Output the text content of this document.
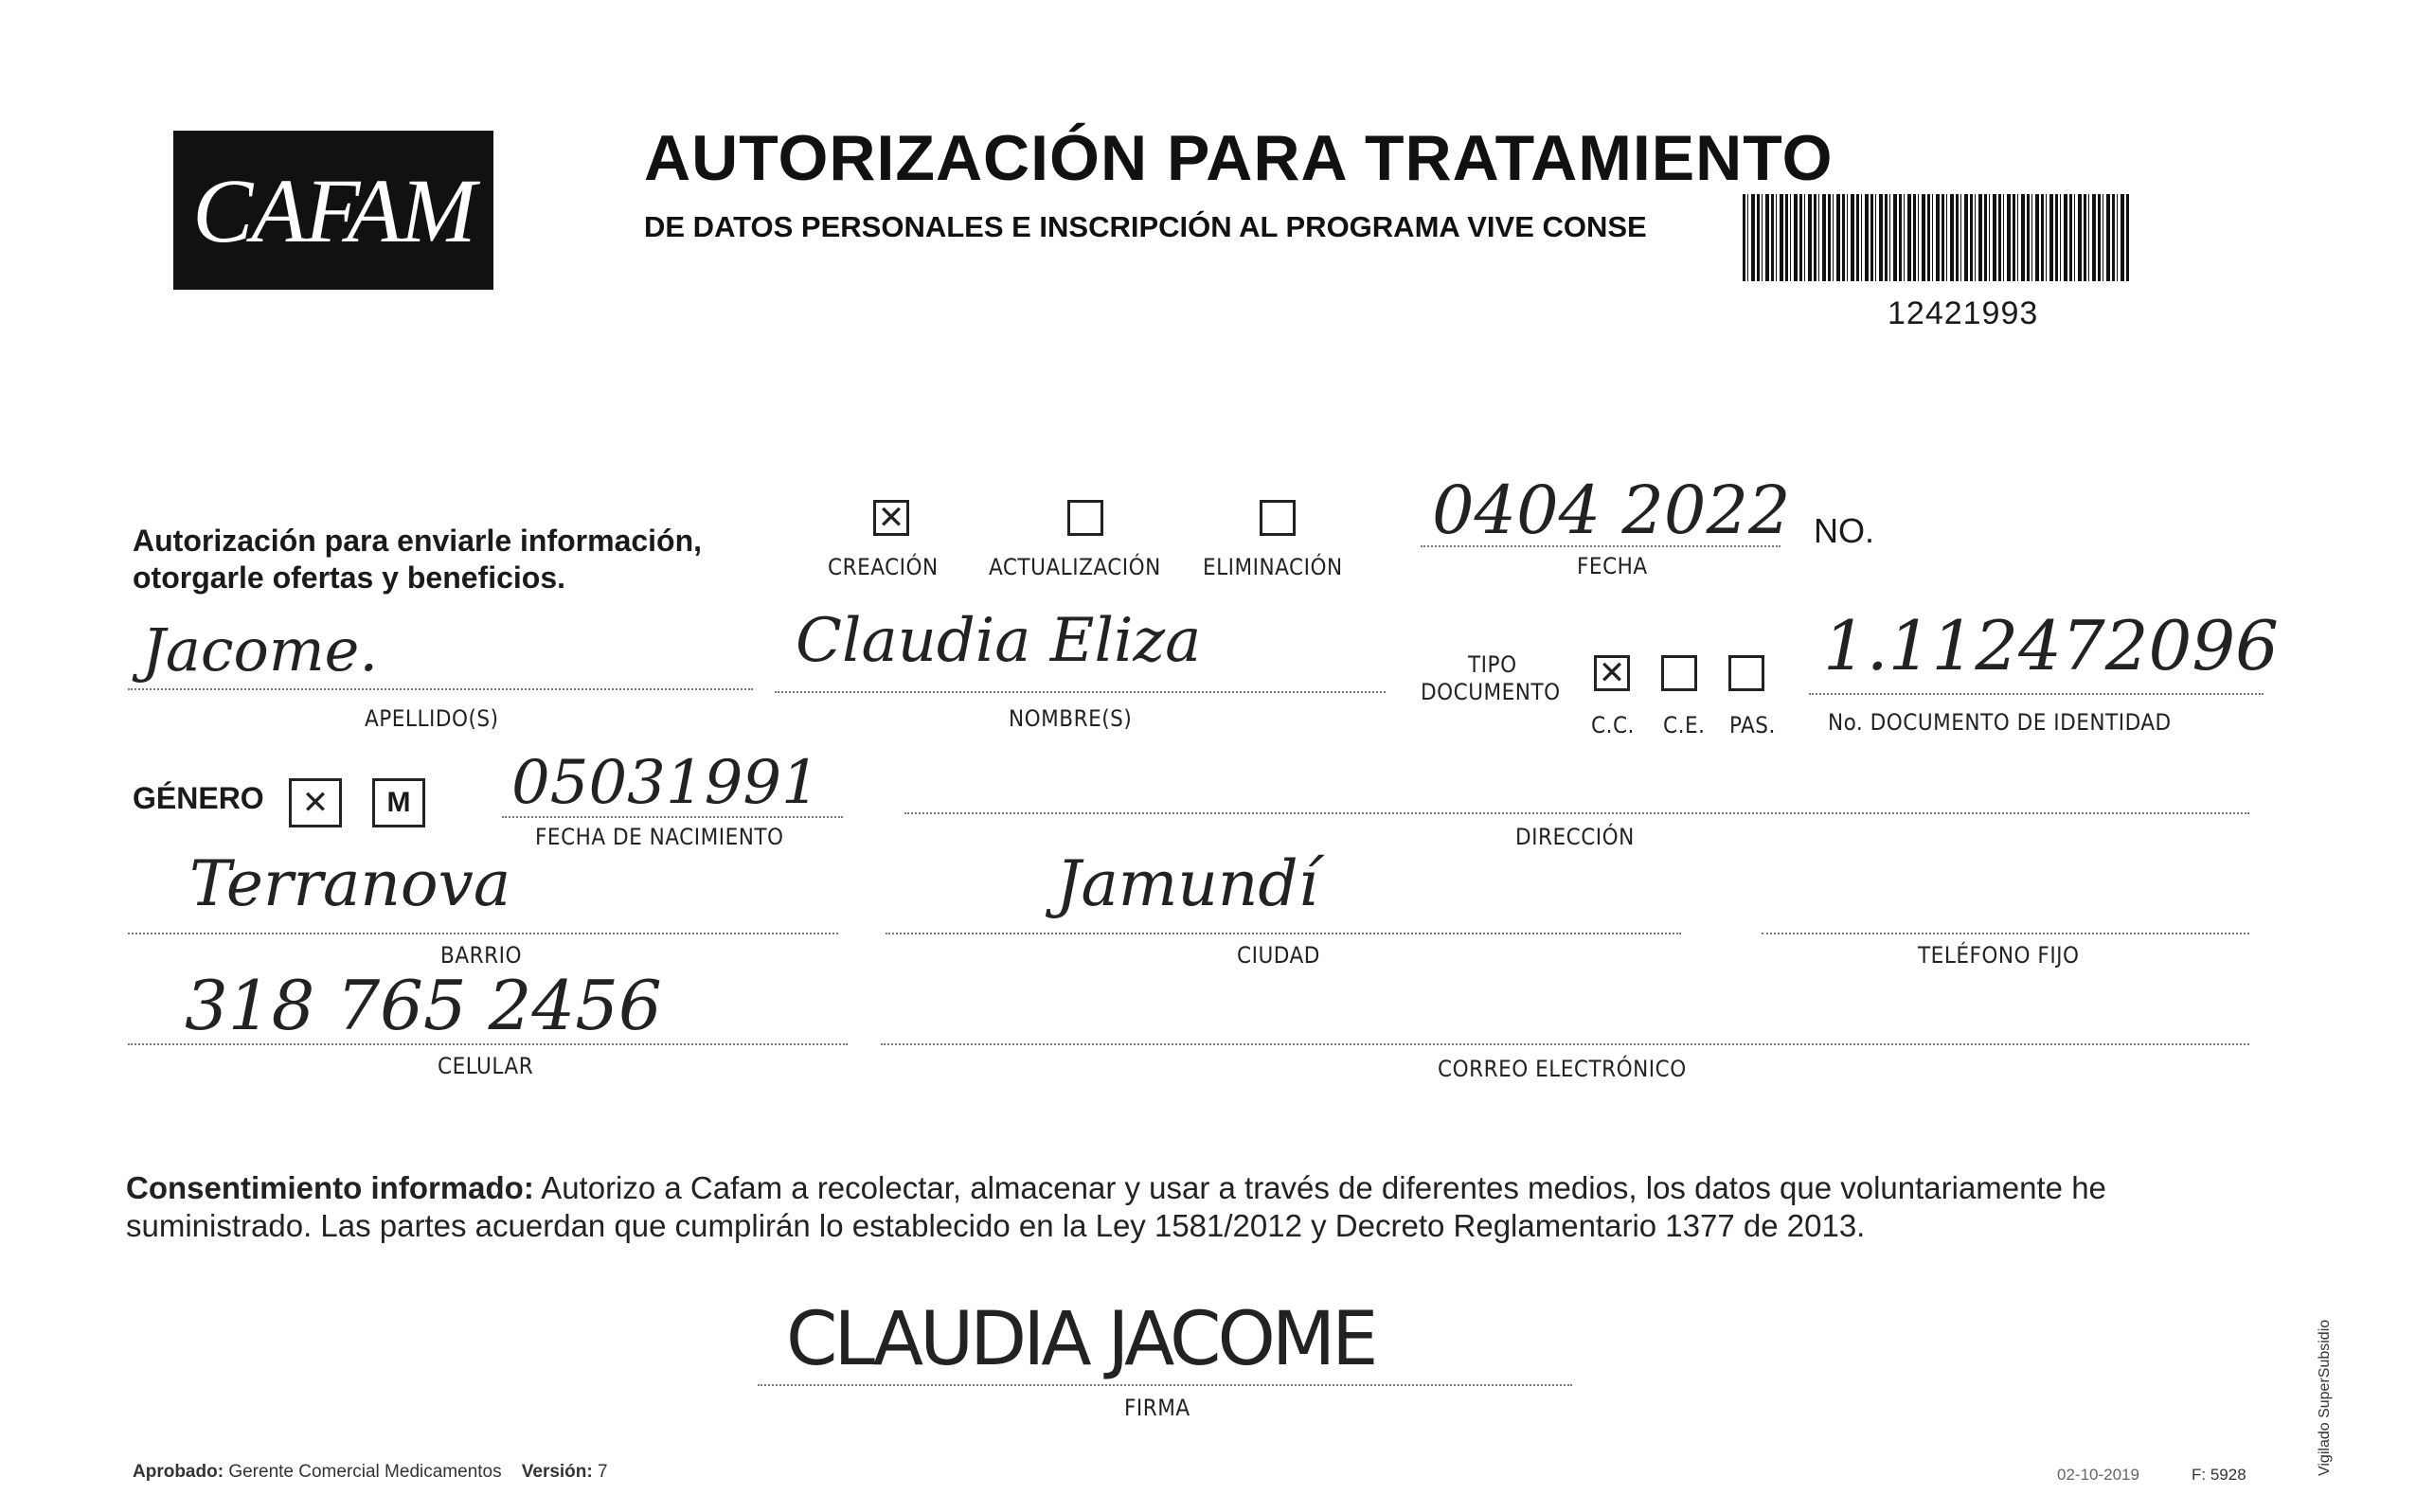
CAFAM
AUTORIZACIÓN PARA TRATAMIENTO
DE DATOS PERSONALES E INSCRIPCIÓN AL PROGRAMA VIVE CONSE
12421993
Autorización para enviarle información,
otorgarle ofertas y beneficios.
✕	CREACIÓN ACTUALIZACIÓN ELIMINACIÓN
0404 2022
FECHA
NO.
Jacome.
APELLIDO(S)
Claudia Eliza
NOMBRE(S)
TIPO
DOCUMENTO
✕
C.C. C.E. PAS.
1.112472096
No. DOCUMENTO DE IDENTIDAD
GÉNERO
✕	M 05031991
FECHA DE NACIMIENTO	DIRECCIÓN
Terranova
BARRIO
Jamundí
CIUDAD	TELÉFONO FIJO
318 765 2456
CELULAR	CORREO ELECTRÓNICO
Consentimiento informado: Autorizo a Cafam a recolectar, almacenar y usar a través de diferentes medios, los datos que voluntariamente he suministrado. Las partes acuerdan que cumplirán lo establecido en la Ley 1581/2012 y Decreto Reglamentario 1377 de 2013.
CLAUDIA JACOME
FIRMA
Aprobado: Gerente Comercial Medicamentos Versión: 7	02-10-2019	F: 5928	Vigilado SuperSubsidio
